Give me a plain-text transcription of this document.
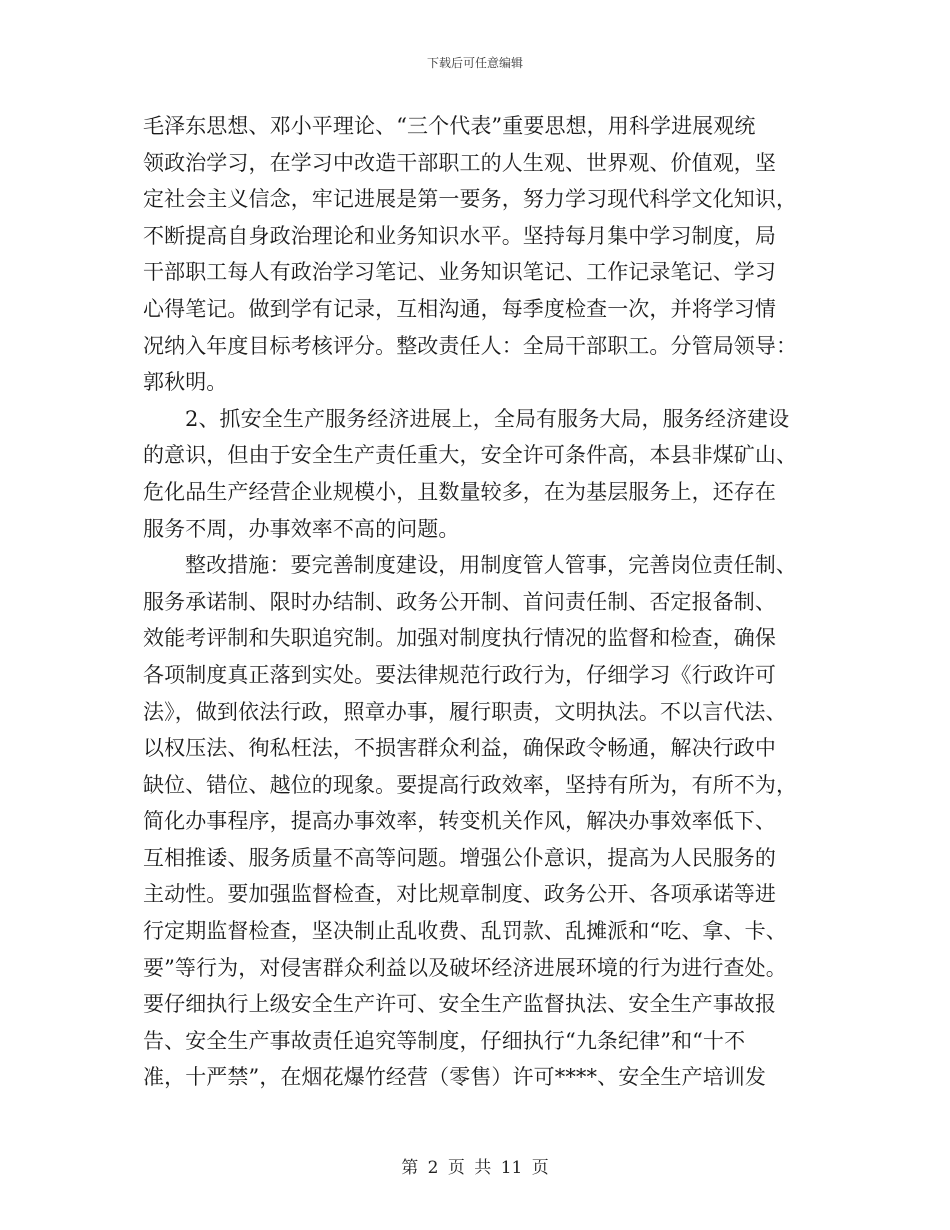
下载后可任意编辑
毛泽东思想、邓小平理论、“三个代表”重要思想，用科学进展观统
领政治学习，在学习中改造干部职工的人生观、世界观、价值观，坚
定社会主义信念，牢记进展是第一要务，努力学习现代科学文化知识，
不断提高自身政治理论和业务知识水平。坚持每月集中学习制度，局
干部职工每人有政治学习笔记、业务知识笔记、工作记录笔记、学习
心得笔记。做到学有记录，互相沟通，每季度检查一次，并将学习情
况纳入年度目标考核评分。整改责任人：全局干部职工。分管局领导：
郭秋明。
2、抓安全生产服务经济进展上，全局有服务大局，服务经济建设
的意识，但由于安全生产责任重大，安全许可条件高，本县非煤矿山、
危化品生产经营企业规模小，且数量较多，在为基层服务上，还存在
服务不周，办事效率不高的问题。
整改措施：要完善制度建设，用制度管人管事，完善岗位责任制、
服务承诺制、限时办结制、政务公开制、首问责任制、否定报备制、
效能考评制和失职追究制。加强对制度执行情况的监督和检查，确保
各项制度真正落到实处。要法律规范行政行为，仔细学习《行政许可
法》，做到依法行政，照章办事，履行职责，文明执法。不以言代法、
以权压法、徇私枉法，不损害群众利益，确保政令畅通，解决行政中
缺位、错位、越位的现象。要提高行政效率，坚持有所为，有所不为，
简化办事程序，提高办事效率，转变机关作风，解决办事效率低下、
互相推诿、服务质量不高等问题。增强公仆意识，提高为人民服务的
主动性。要加强监督检查，对比规章制度、政务公开、各项承诺等进
行定期监督检查，坚决制止乱收费、乱罚款、乱摊派和“吃、拿、卡、
要”等行为，对侵害群众利益以及破坏经济进展环境的行为进行查处。
要仔细执行上级安全生产许可、安全生产监督执法、安全生产事故报
告、安全生产事故责任追究等制度，仔细执行“九条纪律”和“十不
准，十严禁”，在烟花爆竹经营（零售）许可****、安全生产培训发
第 2 页 共 11 页
